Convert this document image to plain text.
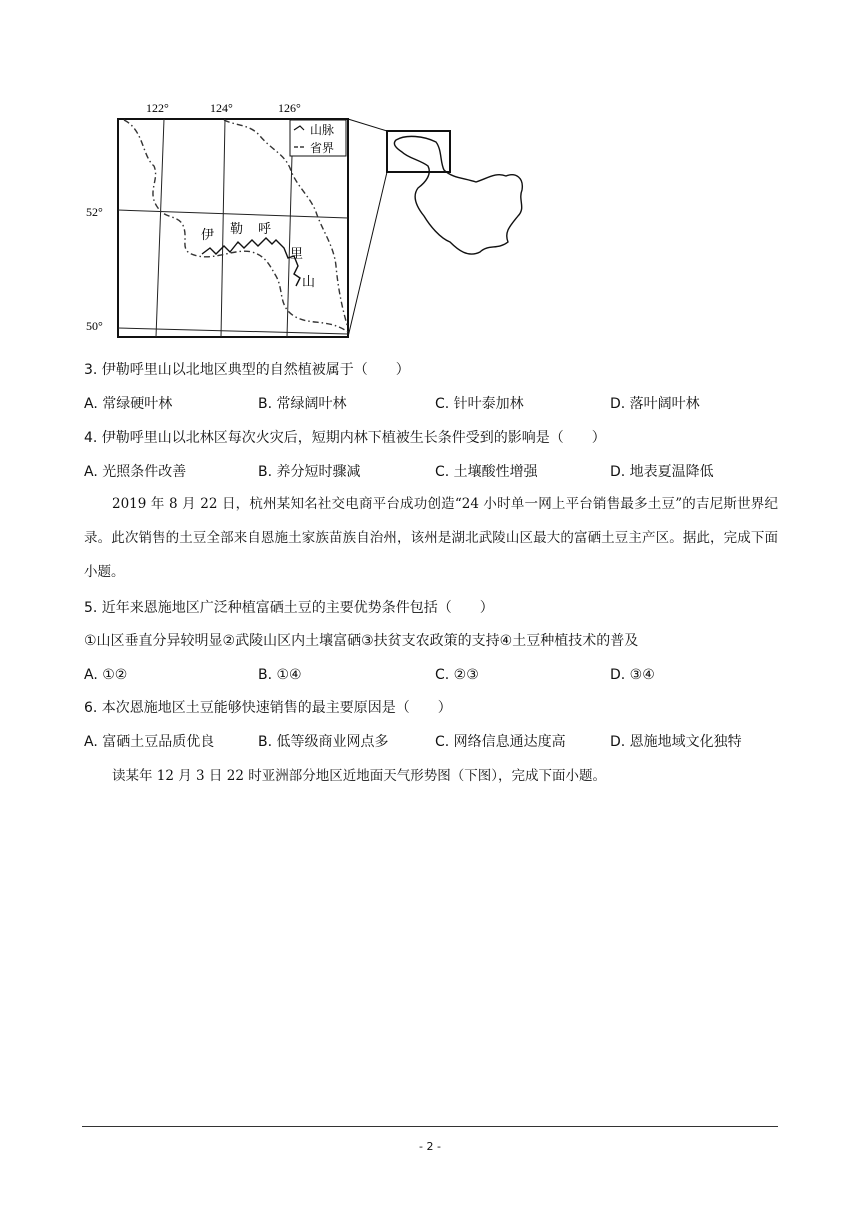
122°	124°	126°
52°
50°
山脉
省界
伊 勒 呼
里
山
3. 伊勒呼里山以北地区典型的自然植被属于（　　）
A. 常绿硬叶林	B. 常绿阔叶林	C. 针叶泰加林	D. 落叶阔叶林
4. 伊勒呼里山以北林区每次火灾后，短期内林下植被生长条件受到的影响是（　　）
A. 光照条件改善	B. 养分短时骤减	C. 土壤酸性增强	D. 地表夏温降低
2019 年 8 月 22 日，杭州某知名社交电商平台成功创造“24 小时单一网上平台销售最多土豆”的吉尼斯世界纪录。此次销售的土豆全部来自恩施土家族苗族自治州，该州是湖北武陵山区最大的富硒土豆主产区。据此，完成下面小题。
5. 近年来恩施地区广泛种植富硒土豆的主要优势条件包括（　　）
①山区垂直分异较明显②武陵山区内土壤富硒③扶贫支农政策的支持④土豆种植技术的普及
A. ①②	B. ①④	C. ②③	D. ③④
6. 本次恩施地区土豆能够快速销售的最主要原因是（　　）
A. 富硒土豆品质优良	B. 低等级商业网点多	C. 网络信息通达度高	D. 恩施地域文化独特
读某年 12 月 3 日 22 时亚洲部分地区近地面天气形势图（下图），完成下面小题。
- 2 -
